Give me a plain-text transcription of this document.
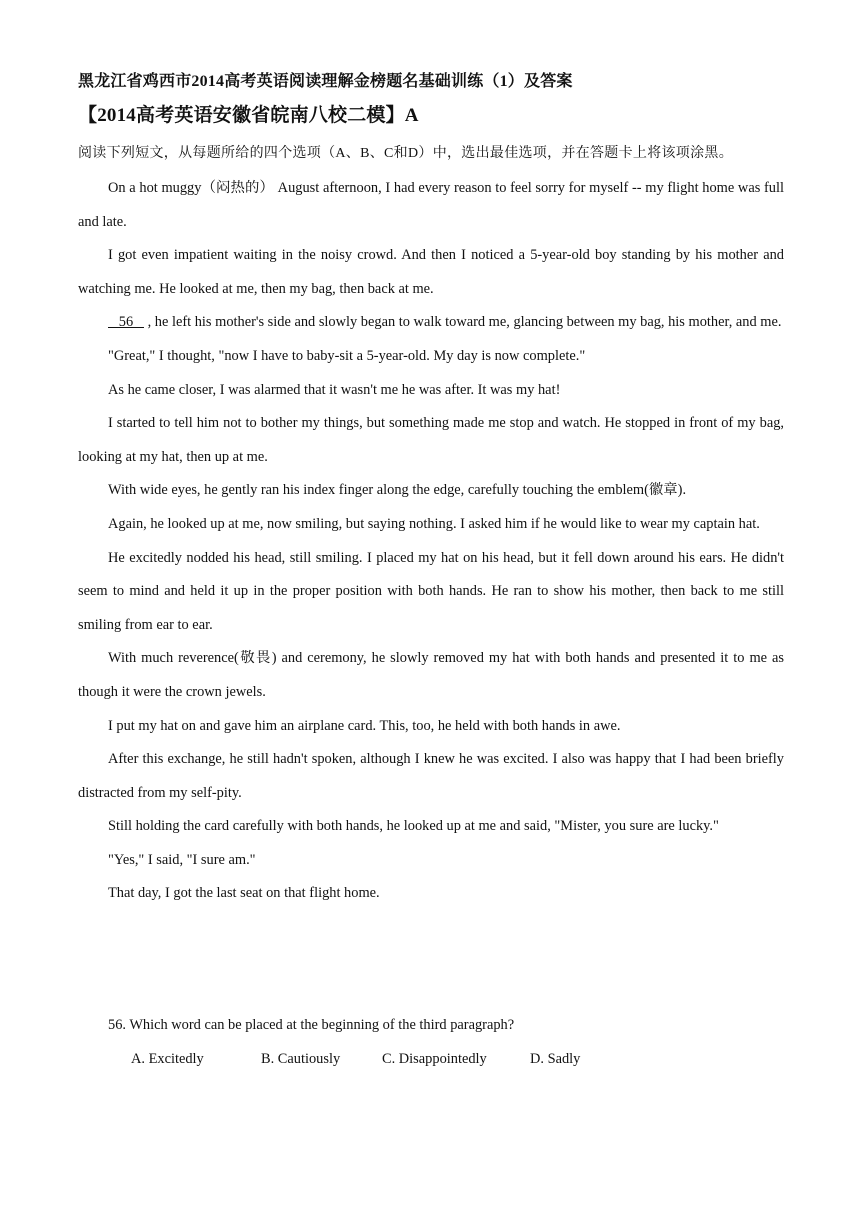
黑龙江省鸡西市2014高考英语阅读理解金榜题名基础训练（1）及答案
【2014高考英语安徽省皖南八校二模】A
阅读下列短文，从每题所给的四个选项（A、B、C和D）中，选出最佳选项，并在答题卡上将该项涂黑。

On a hot muggy（闷热的） August afternoon, I had every reason to feel sorry for myself -- my flight home was full and late.

I got even impatient waiting in the noisy crowd. And then I noticed a 5-year-old boy standing by his mother and watching me. He looked at me, then my bag, then back at me.

56    , he left his mother's side and slowly began to walk toward me, glancing between my bag, his mother, and me.

"Great," I thought, "now I have to baby-sit a 5-year-old. My day is now complete."

As he came closer, I was alarmed that it wasn't me he was after. It was my hat!

I started to tell him not to bother my things, but something made me stop and watch. He stopped in front of my bag, looking at my hat, then up at me.

With wide eyes, he gently ran his index finger along the edge, carefully touching the emblem(徽章).

Again, he looked up at me, now smiling, but saying nothing. I asked him if he would like to wear my captain hat.

He excitedly nodded his head, still smiling. I placed my hat on his head, but it fell down around his ears. He didn't seem to mind and held it up in the proper position with both hands. He ran to show his mother, then back to me still smiling from ear to ear.

With much reverence(敬畏) and ceremony, he slowly removed my hat with both hands and presented it to me as though it were the crown jewels.

I put my hat on and gave him an airplane card. This, too, he held with both hands in awe.

After this exchange, he still hadn't spoken, although I knew he was excited. I also was happy that I had been briefly distracted from my self-pity.

Still holding the card carefully with both hands, he looked up at me and said, "Mister, you sure are lucky."

"Yes," I said, "I sure am."

That day, I got the last seat on that flight home.

56. Which word can be placed at the beginning of the third paragraph?
A. Excitedly	B. Cautiously	C. Disappointedly	D. Sadly
